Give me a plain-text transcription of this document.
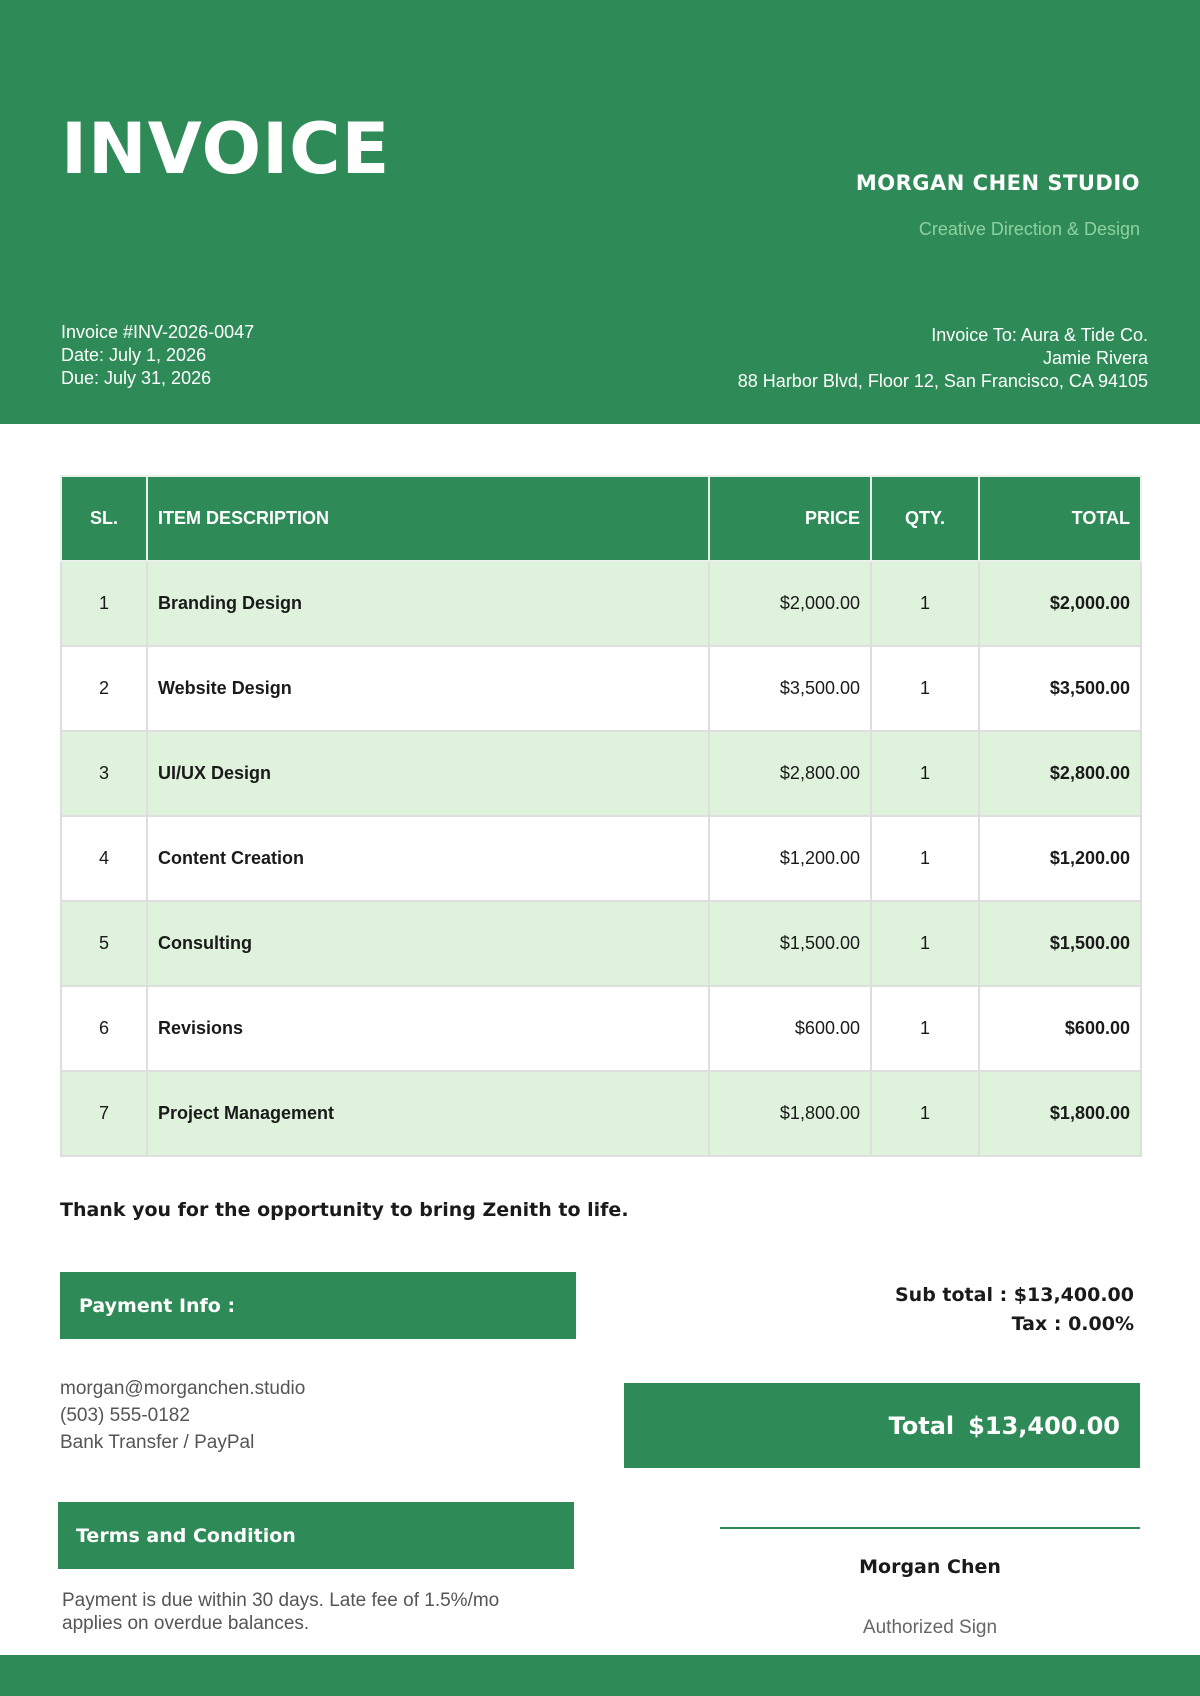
INVOICE	MORGAN CHEN STUDIO
Creative Direction & Design
Invoice #INV-2026-0047
Date: July 1, 2026
Due: July 31, 2026
Invoice To: Aura & Tide Co.
Jamie Rivera
88 Harbor Blvd, Floor 12, San Francisco, CA 94105
SL.	ITEM DESCRIPTION	PRICE	QTY.	TOTAL
1	Branding Design	$2,000.00	1	$2,000.00
2	Website Design	$3,500.00	1	$3,500.00
3	UI/UX Design	$2,800.00	1	$2,800.00
4	Content Creation	$1,200.00	1	$1,200.00
5	Consulting	$1,500.00	1	$1,500.00
6	Revisions	$600.00	1	$600.00
7	Project Management	$1,800.00	1	$1,800.00
Thank you for the opportunity to bring Zenith to life.
Payment Info :
morgan@morganchen.studio
(503) 555-0182
Bank Transfer / PayPal
Terms and Condition
Payment is due within 30 days. Late fee of 1.5%/mo applies on overdue balances.
Sub total : $13,400.00
Tax : 0.00%
Total $13,400.00
Morgan Chen
Authorized Sign
